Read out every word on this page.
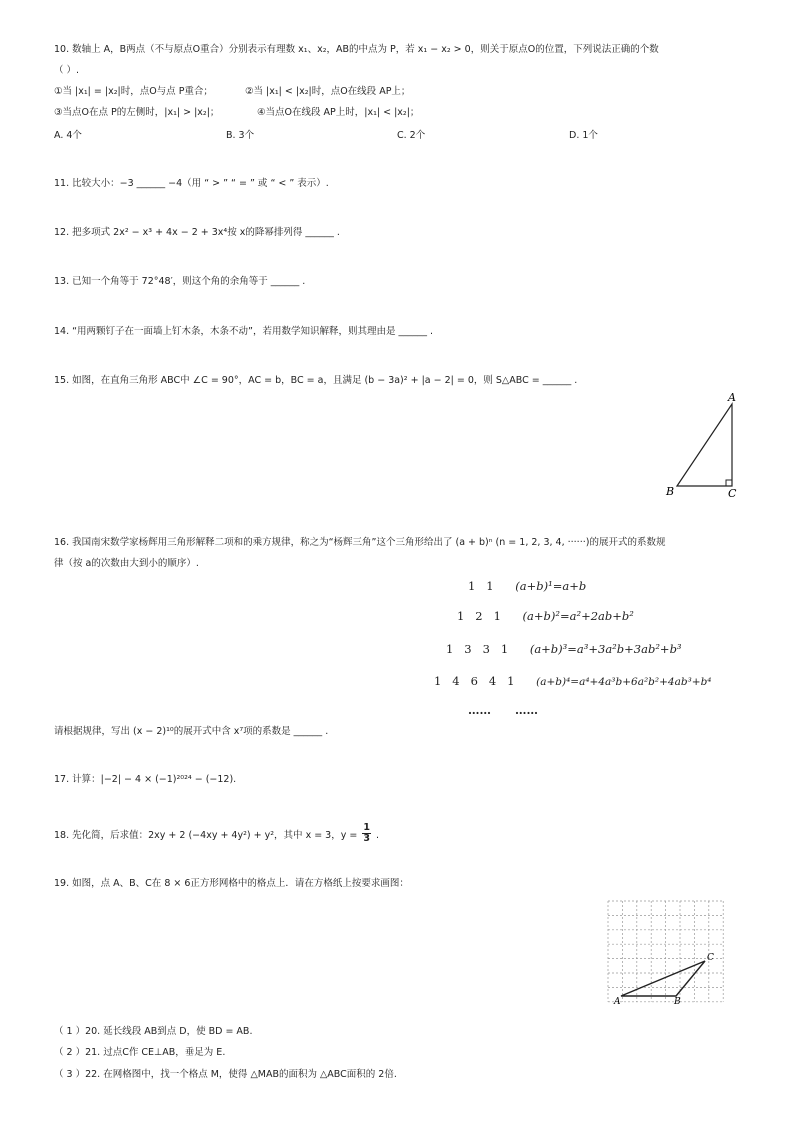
10. 数轴上 A，B两点（不与原点O重合）分别表示有理数 x₁、x₂，AB的中点为 P，若 x₁ − x₂ > 0，则关于原点O的位置，下列说法正确的个数
（ ）.
①当 |x₁| = |x₂|时，点O与点 P重合；	②当 |x₁| < |x₂|时，点O在线段 AP上；
③当点O在点 P的左侧时，|x₁| > |x₂|；	④当点O在线段 AP上时，|x₁| < |x₂|；
A. 4个	B. 3个	C. 2个	D. 1个
11. 比较大小：−3 ______ −4（用 “ > ” “ = ” 或 “ < ” 表示）.
12. 把多项式 2x² − x³ + 4x − 2 + 3x⁴按 x的降幂排列得 ______ .
13. 已知一个角等于 72°48′，则这个角的余角等于 ______ .
14. “用两颗钉子在一面墙上钉木条，木条不动”，若用数学知识解释，则其理由是 ______ .
15. 如图，在直角三角形 ABC中 ∠C = 90°，AC = b，BC = a，且满足 (b − 3a)² + |a − 2| = 0，则 S△ABC = ______ .
A
B	C
16. 我国南宋数学家杨辉用三角形解释二项和的乘方规律，称之为“杨辉三角”这个三角形给出了 (a + b)ⁿ (n = 1, 2, 3, 4, ······)的展开式的系数规
律（按 a的次数由大到小的顺序）.
1   1 (a+b)¹=a+b
1   2   1 (a+b)²=a²+2ab+b²
1   3   3   1 (a+b)³=a³+3a²b+3ab²+b³
1   4   6   4   1 (a+b)⁴=a⁴+4a³b+6a²b²+4ab³+b⁴
……      ……
请根据规律，写出 (x − 2)¹⁰的展开式中含 x⁷项的系数是 ______ .
17. 计算：|−2| − 4 × (−1)²⁰²⁴ − (−12).
18. 先化简，后求值：2xy + 2 (−4xy + 4y²) + y²，其中 x = 3，$y = \frac{1}{3}$ .
19. 如图，点 A、B、C在 8 × 6正方形网格中的格点上．请在方格纸上按要求画图：
A	B
C
（ 1 ）20. 延长线段 AB到点 D，使 BD = AB.
（ 2 ）21. 过点C作 CE⊥AB，垂足为 E.
（ 3 ）22. 在网格图中，找一个格点 M，使得 △MAB的面积为 △ABC面积的 2倍.
